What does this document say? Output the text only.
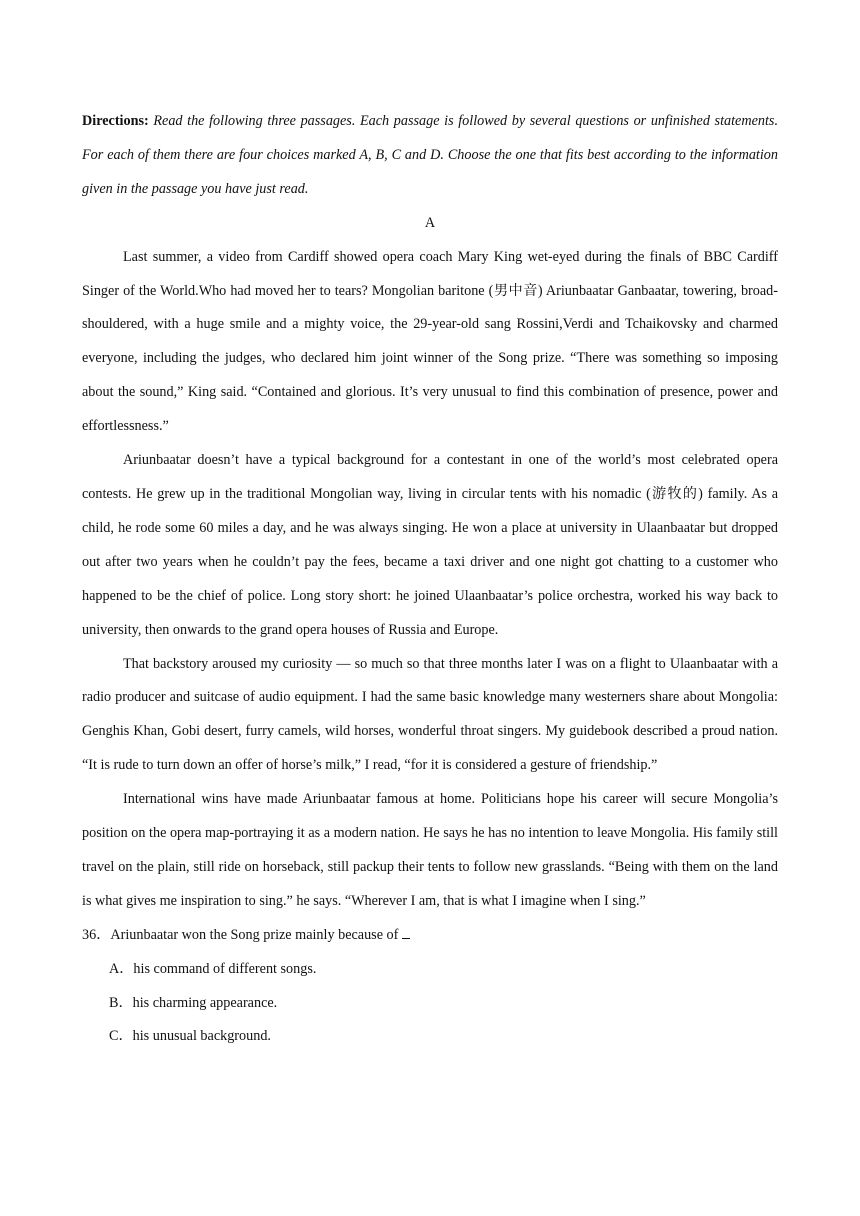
Directions: Read the following three passages. Each passage is followed by several questions or unfinished statements. For each of them there are four choices marked A, B, C and D. Choose the one that fits best according to the information given in the passage you have just read.

A

Last summer, a video from Cardiff showed opera coach Mary King wet-eyed during the finals of BBC Cardiff Singer of the World.Who had moved her to tears? Mongolian baritone (男中音) Ariunbaatar Ganbaatar, towering, broad-shouldered, with a huge smile and a mighty voice, the 29-year-old sang Rossini,Verdi and Tchaikovsky and charmed everyone, including the judges, who declared him joint winner of the Song prize. “There was something so imposing about the sound,” King said. “Contained and glorious. It’s very unusual to find this combination of presence, power and effortlessness.”

Ariunbaatar doesn’t have a typical background for a contestant in one of the world’s most celebrated opera contests. He grew up in the traditional Mongolian way, living in circular tents with his nomadic (游牧的) family. As a child, he rode some 60 miles a day, and he was always singing. He won a place at university in Ulaanbaatar but dropped out after two years when he couldn’t pay the fees, became a taxi driver and one night got chatting to a customer who happened to be the chief of police. Long story short: he joined Ulaanbaatar’s police orchestra, worked his way back to university, then onwards to the grand opera houses of Russia and Europe.

That backstory aroused my curiosity — so much so that three months later I was on a flight to Ulaanbaatar with a radio producer and suitcase of audio equipment. I had the same basic knowledge many westerners share about Mongolia: Genghis Khan, Gobi desert, furry camels, wild horses, wonderful throat singers. My guidebook described a proud nation. “It is rude to turn down an offer of horse’s milk,” I read, “for it is considered a gesture of friendship.”

International wins have made Ariunbaatar famous at home. Politicians hope his career will secure Mongolia’s position on the opera map-portraying it as a modern nation. He says he has no intention to leave Mongolia. His family still travel on the plain, still ride on horseback, still packup their tents to follow new grasslands. “Being with them on the land is what gives me inspiration to sing.” he says. “Wherever I am, that is what I imagine when I sing.”

36．Ariunbaatar won the Song prize mainly because of

A．his command of different songs.

B．his charming appearance.

C．his unusual background.
